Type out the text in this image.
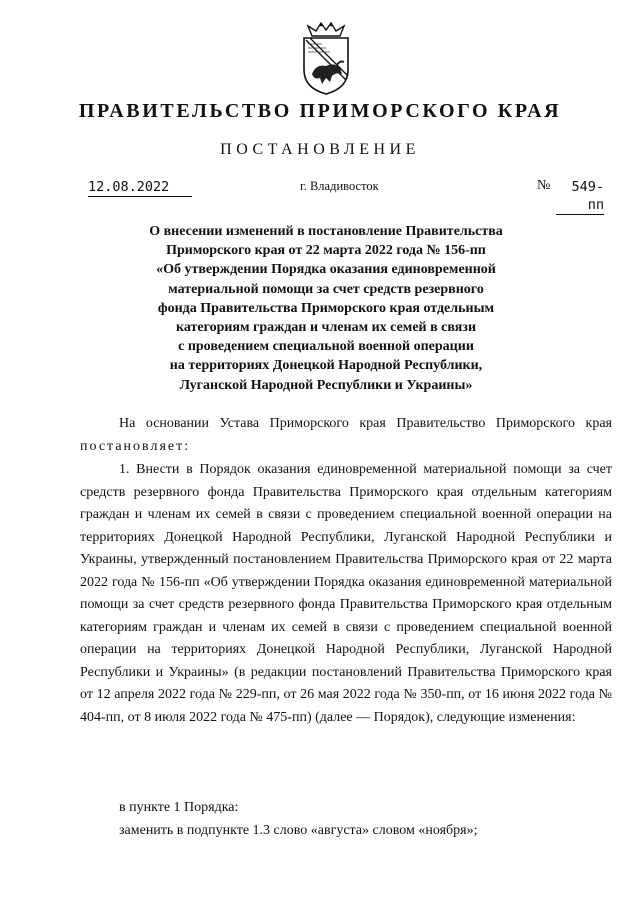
ПРАВИТЕЛЬСТВО ПРИМОРСКОГО КРАЯ
ПОСТАНОВЛЕНИЕ
12.08.2022	г. Владивосток	№	549-пп
О внесении изменений в постановление Правительства
Приморского края от 22 марта 2022 года № 156-пп
«Об утверждении Порядка оказания единовременной
материальной помощи за счет средств резервного
фонда Правительства Приморского края отдельным
категориям граждан и членам их семей в связи
с проведением специальной военной операции
на территориях Донецкой Народной Республики,
Луганской Народной Республики и Украины»
На основании Устава Приморского края Правительство Приморского края постановляет:
1. Внести в Порядок оказания единовременной материальной помощи за счет средств резервного фонда Правительства Приморского края отдельным категориям граждан и членам их семей в связи с проведением специальной военной операции на территориях Донецкой Народной Республики, Луганской Народной Республики и Украины, утвержденный постановлением Правительства Приморского края от 22 марта 2022 года № 156-пп «Об утверждении Порядка оказания единовременной материальной помощи за счет средств резервного фонда Правительства Приморского края отдельным категориям граждан и членам их семей в связи с проведением специальной военной операции на территориях Донецкой Народной Республики, Луганской Народной Республики и Украины» (в редакции постановлений Правительства Приморского края от 12 апреля 2022 года № 229-пп, от 26 мая 2022 года № 350-пп, от 16 июня 2022 года № 404-пп, от 8 июля 2022 года № 475-пп) (далее — Порядок), следующие изменения:
в пункте 1 Порядка:
заменить в подпункте 1.3 слово «августа» словом «ноября»;
